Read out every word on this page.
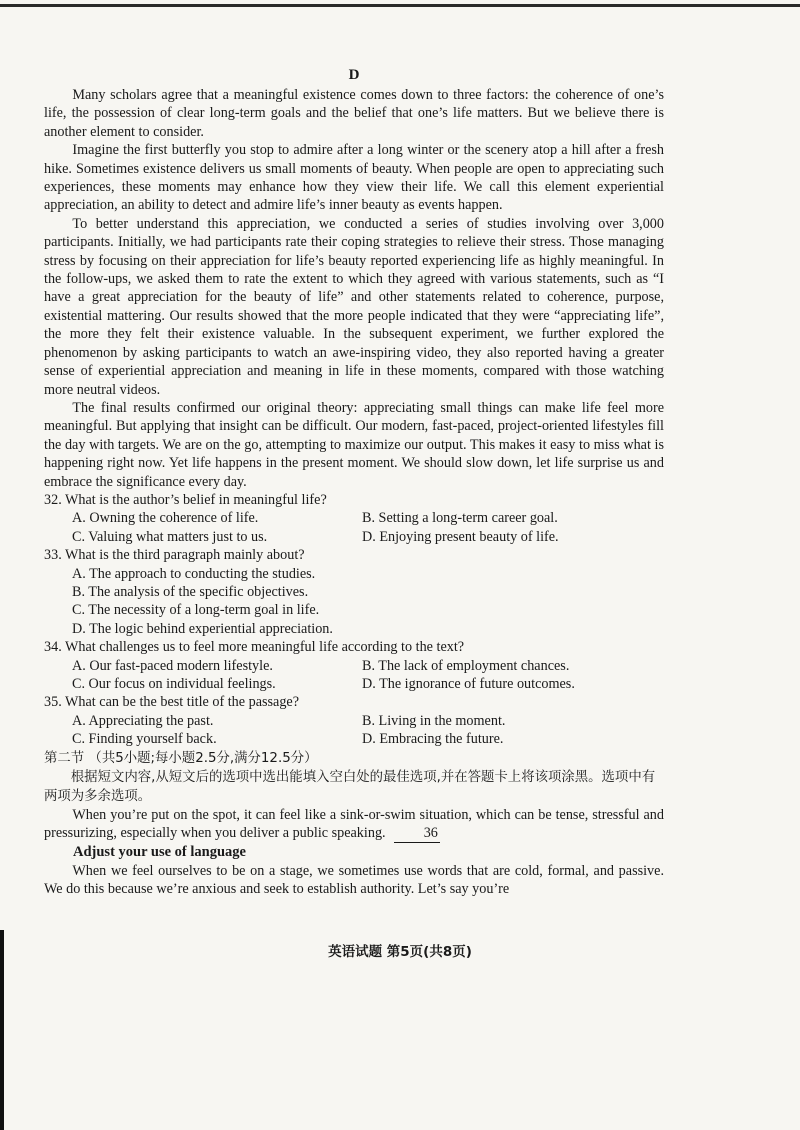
D

Many scholars agree that a meaningful existence comes down to three factors: the coherence of one’s life, the possession of clear long-term goals and the belief that one’s life matters. But we believe there is another element to consider.

Imagine the first butterfly you stop to admire after a long winter or the scenery atop a hill after a fresh hike. Sometimes existence delivers us small moments of beauty. When people are open to appreciating such experiences, these moments may enhance how they view their life. We call this element experiential appreciation, an ability to detect and admire life’s inner beauty as events happen.

To better understand this appreciation, we conducted a series of studies involving over 3,000 participants. Initially, we had participants rate their coping strategies to relieve their stress. Those managing stress by focusing on their appreciation for life’s beauty reported experiencing life as highly meaningful. In the follow-ups, we asked them to rate the extent to which they agreed with various statements, such as “I have a great appreciation for the beauty of life” and other statements related to coherence, purpose, existential mattering. Our results showed that the more people indicated that they were “appreciating life”, the more they felt their existence valuable. In the subsequent experiment, we further explored the phenomenon by asking participants to watch an awe-inspiring video, they also reported having a greater sense of experiential appreciation and meaning in life in these moments, compared with those watching more neutral videos.

The final results confirmed our original theory: appreciating small things can make life feel more meaningful. But applying that insight can be difficult. Our modern, fast-paced, project-oriented lifestyles fill the day with targets. We are on the go, attempting to maximize our output. This makes it easy to miss what is happening right now. Yet life happens in the present moment. We should slow down, let life surprise us and embrace the significance every day.

32. What is the author’s belief in meaningful life?

A. Owning the coherence of life.	B. Setting a long-term career goal.
C. Valuing what matters just to us.	D. Enjoying present beauty of life.

33. What is the third paragraph mainly about?

A. The approach to conducting the studies.
B. The analysis of the specific objectives.
C. The necessity of a long-term goal in life.
D. The logic behind experiential appreciation.

34. What challenges us to feel more meaningful life according to the text?

A. Our fast-paced modern lifestyle.	B. The lack of employment chances.
C. Our focus on individual feelings.	D. The ignorance of future outcomes.

35. What can be the best title of the passage?

A. Appreciating the past.	B. Living in the moment.
C. Finding yourself back.	D. Embracing the future.

第二节 （共5小题;每小题2.5分,满分12.5分）

根据短文内容,从短文后的选项中选出能填入空白处的最佳选项,并在答题卡上将该项涂黑。选项中有两项为多余选项。

When you’re put on the spot, it can feel like a sink-or-swim situation, which can be tense, stressful and pressurizing, especially when you deliver a public speaking.	36

Adjust your use of language

When we feel ourselves to be on a stage, we sometimes use words that are cold, formal, and passive. We do this because we’re anxious and seek to establish authority. Let’s say you’re

英语试题 第5页(共8页)
